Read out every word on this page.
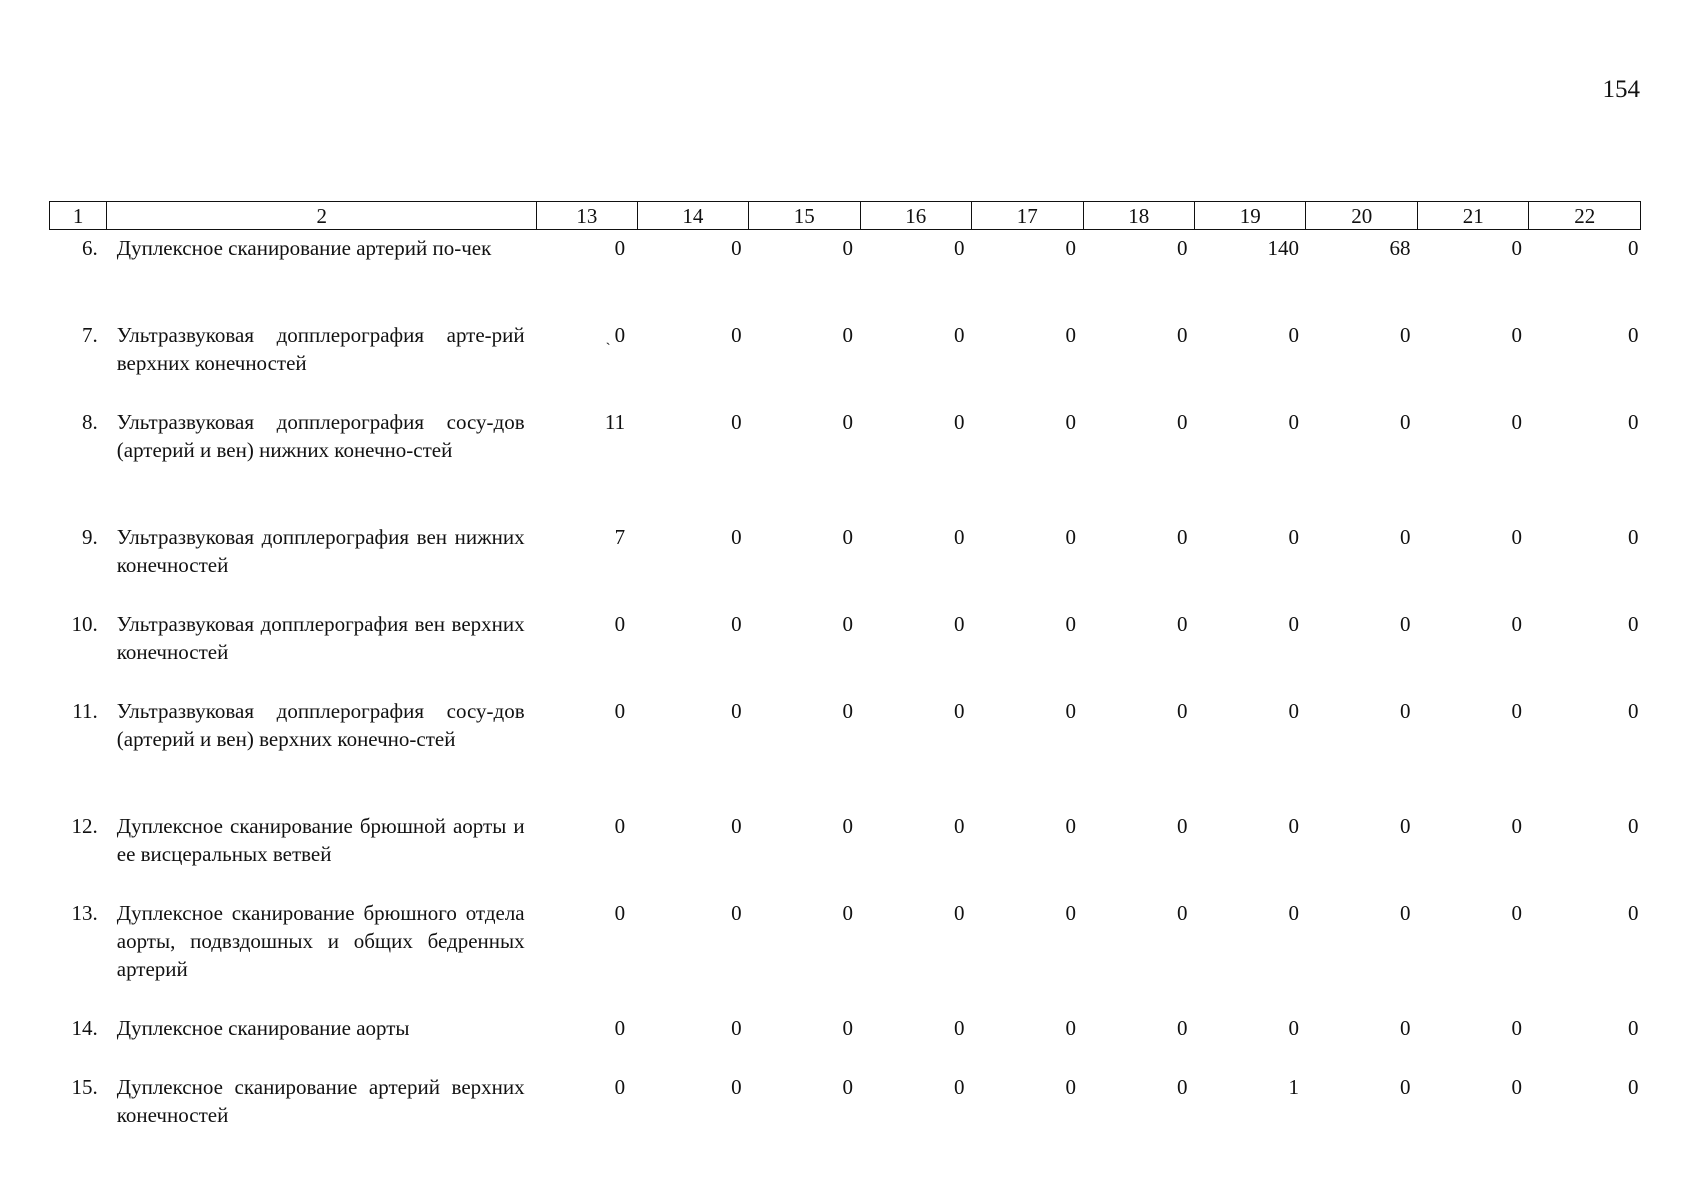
154
1	2	13	14	15	16	17	18	19	20	21	22
6.	Дуплексное сканирование артерий по-чек	0	0	0	0	0	0	140	68	0	0
7.	Ультразвуковая допплерография арте-рий верхних конечностей	ˏ 0	0	0	0	0	0	0	0	0	0
8.	Ультразвуковая допплерография сосу-дов (артерий и вен) нижних конечно-стей	11	0	0	0	0	0	0	0	0	0
9.	Ультразвуковая допплерография вен нижних конечностей	7	0	0	0	0	0	0	0	0	0
10.	Ультразвуковая допплерография вен верхних конечностей	0	0	0	0	0	0	0	0	0	0
11.	Ультразвуковая допплерография сосу-дов (артерий и вен) верхних конечно-стей	0	0	0	0	0	0	0	0	0	0
12.	Дуплексное сканирование брюшной аорты и ее висцеральных ветвей	0	0	0	0	0	0	0	0	0	0
13.	Дуплексное сканирование брюшного отдела аорты, подвздошных и общих бедренных артерий	0	0	0	0	0	0	0	0	0	0
14.	Дуплексное сканирование аорты	0	0	0	0	0	0	0	0	0	0
15.	Дуплексное сканирование артерий верхних конечностей	0	0	0	0	0	0	1	0	0	0
